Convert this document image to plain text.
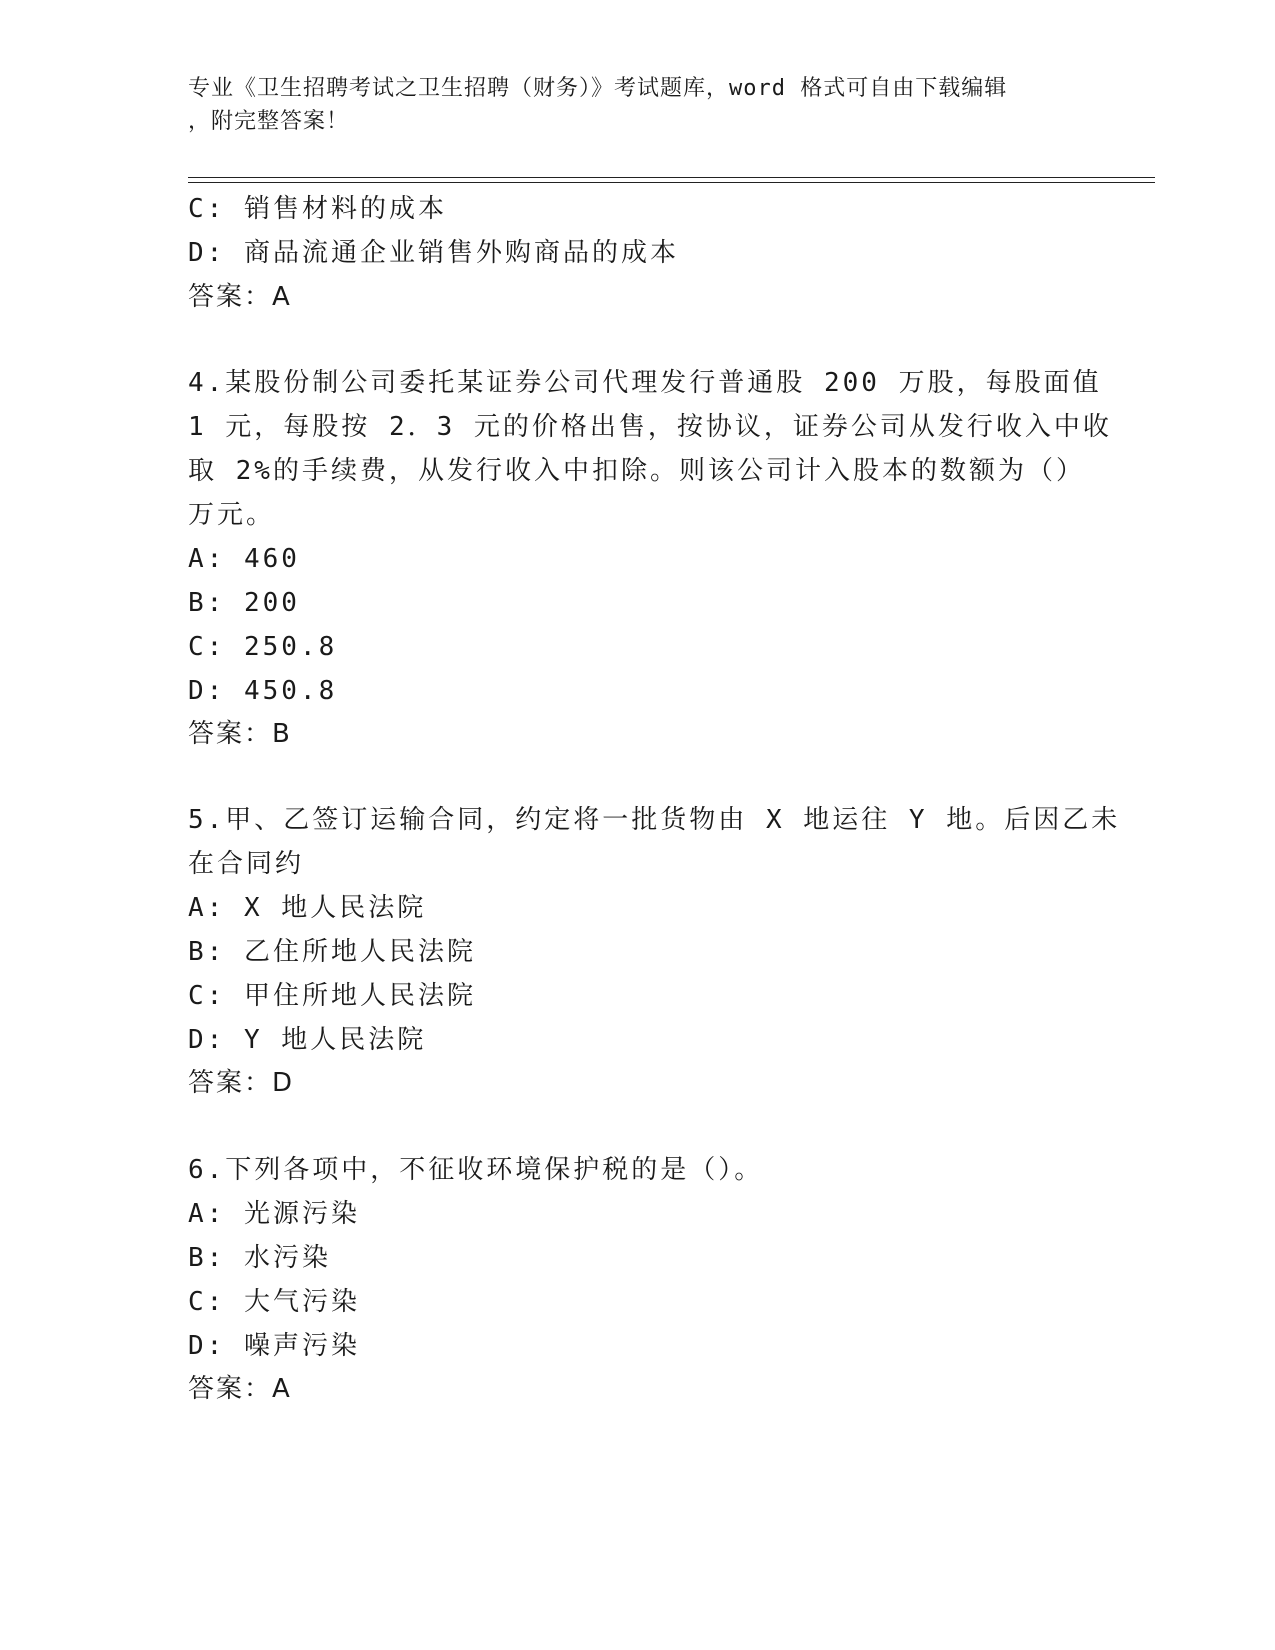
专业《卫生招聘考试之卫生招聘（财务）》考试题库，word 格式可自由下载编辑
，附完整答案！
C: 销售材料的成本
D: 商品流通企业销售外购商品的成本
答案：A
4.某股份制公司委托某证券公司代理发行普通股 200 万股，每股面值
1 元，每股按 2．3 元的价格出售，按协议，证券公司从发行收入中收
取 2%的手续费，从发行收入中扣除。则该公司计入股本的数额为（）
万元。
A: 460
B: 200
C: 250.8
D: 450.8
答案：B
5.甲、乙签订运输合同，约定将一批货物由 X 地运往 Y 地。后因乙未
在合同约
A: X 地人民法院
B: 乙住所地人民法院
C: 甲住所地人民法院
D: Y 地人民法院
答案：D
6.下列各项中，不征收环境保护税的是（）。
A: 光源污染
B: 水污染
C: 大气污染
D: 噪声污染
答案：A
